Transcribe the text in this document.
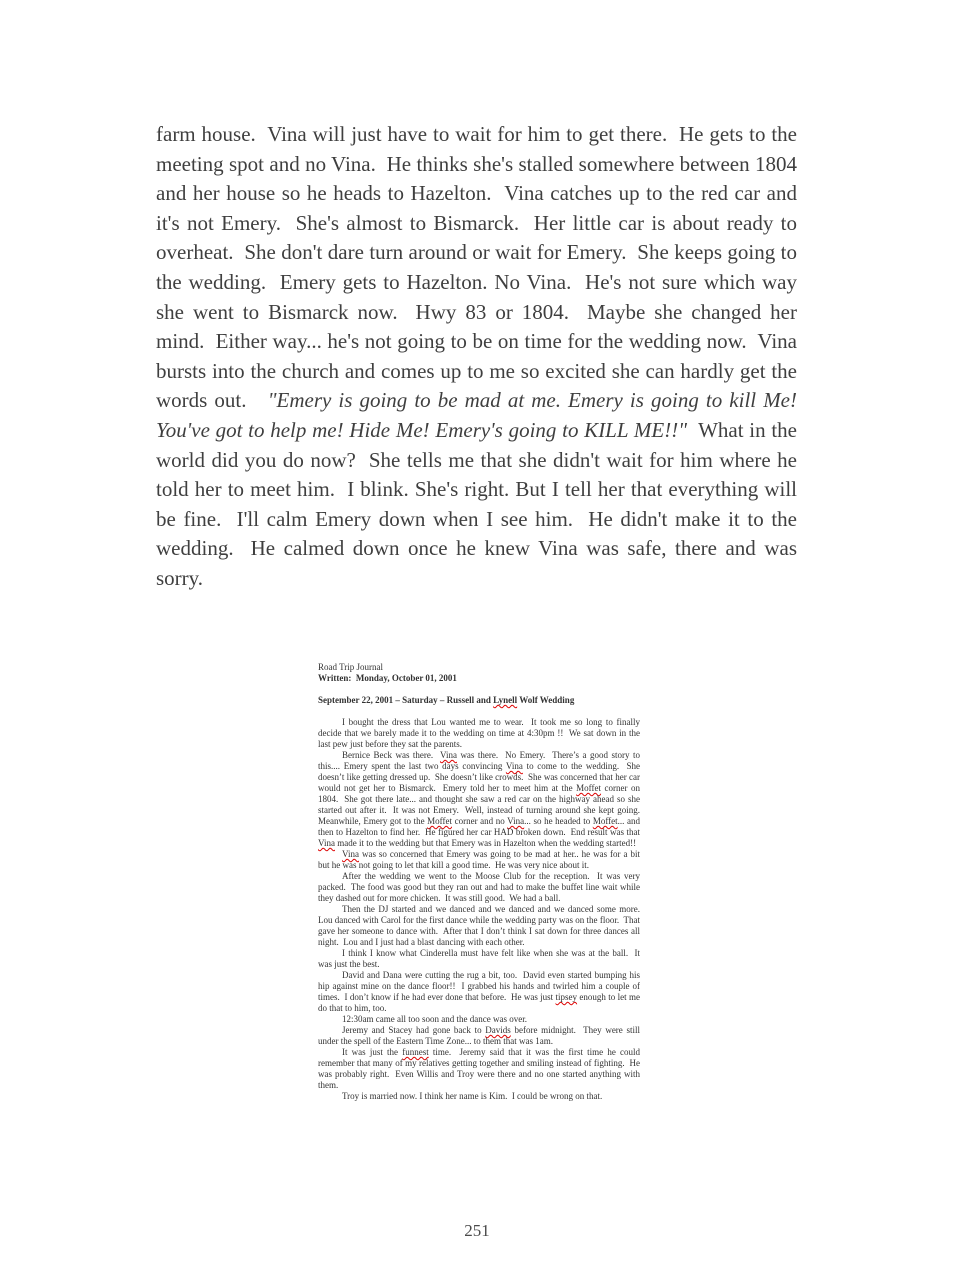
farm house.  Vina will just have to wait for him to get there.  He gets to the meeting spot and no Vina.  He thinks she's stalled somewhere between 1804 and her house so he heads to Hazelton.  Vina catches up to the red car and it's not Emery.  She's almost to Bismarck.  Her little car is about ready to overheat.  She don't dare turn around or wait for Emery.  She keeps going to the wedding.  Emery gets to Hazelton. No Vina.  He's not sure which way she went to Bismarck now.  Hwy 83 or 1804.  Maybe she changed her mind.  Either way... he's not going to be on time for the wedding now.  Vina bursts into the church and comes up to me so excited she can hardly get the words out.   "Emery is going to be mad at me. Emery is going to kill Me!  You've got to help me! Hide Me! Emery's going to KILL ME!!"  What in the world did you do now?  She tells me that she didn't wait for him where he told her to meet him.  I blink. She's right. But I tell her that everything will be fine.  I'll calm Emery down when I see him.  He didn't make it to the wedding.  He calmed down once he knew Vina was safe, there and was sorry.
Road Trip Journal
Written:  Monday, October 01, 2001
September 22, 2001 – Saturday – Russell and Lynell Wolf Wedding
I bought the dress that Lou wanted me to wear.  It took me so long to finally decide that we barely made it to the wedding on time at 4:30pm !!  We sat down in the last pew just before they sat the parents.
Bernice Beck was there.  Vina was there.  No Emery.  There’s a good story to this.... Emery spent the last two days convincing Vina to come to the wedding.  She doesn’t like getting dressed up.  She doesn’t like crowds.  She was concerned that her car would not get her to Bismarck.  Emery told her to meet him at the Moffet corner on 1804.  She got there late... and thought she saw a red car on the highway ahead so she started out after it.  It was not Emery.  Well, instead of turning around she kept going.  Meanwhile, Emery got to the Moffet corner and no Vina... so he headed to Moffet... and then to Hazelton to find her.  He figured her car HAD broken down.  End result was that Vina made it to the wedding but that Emery was in Hazelton when the wedding started!!
Vina was so concerned that Emery was going to be mad at her.. he was for a bit but he was not going to let that kill a good time.  He was very nice about it.
After the wedding we went to the Moose Club for the reception.  It was very packed.  The food was good but they ran out and had to make the buffet line wait while they dashed out for more chicken.  It was still good.  We had a ball.
Then the DJ started and we danced and we danced and we danced some more.  Lou danced with Carol for the first dance while the wedding party was on the floor.  That gave her someone to dance with.  After that I don’t think I sat down for three dances all night.  Lou and I just had a blast dancing with each other.
I think I know what Cinderella must have felt like when she was at the ball.  It was just the best.
David and Dana were cutting the rug a bit, too.  David even started bumping his hip against mine on the dance floor!!  I grabbed his hands and twirled him a couple of times.  I don’t know if he had ever done that before.  He was just tipsey enough to let me do that to him, too.
12:30am came all too soon and the dance was over.
Jeremy and Stacey had gone back to Davids before midnight.  They were still under the spell of the Eastern Time Zone... to them that was 1am.
It was just the funnest time.  Jeremy said that it was the first time he could remember that many of my relatives getting together and smiling instead of fighting.  He was probably right.  Even Willis and Troy were there and no one started anything with them.
Troy is married now. I think her name is Kim.  I could be wrong on that.
251
